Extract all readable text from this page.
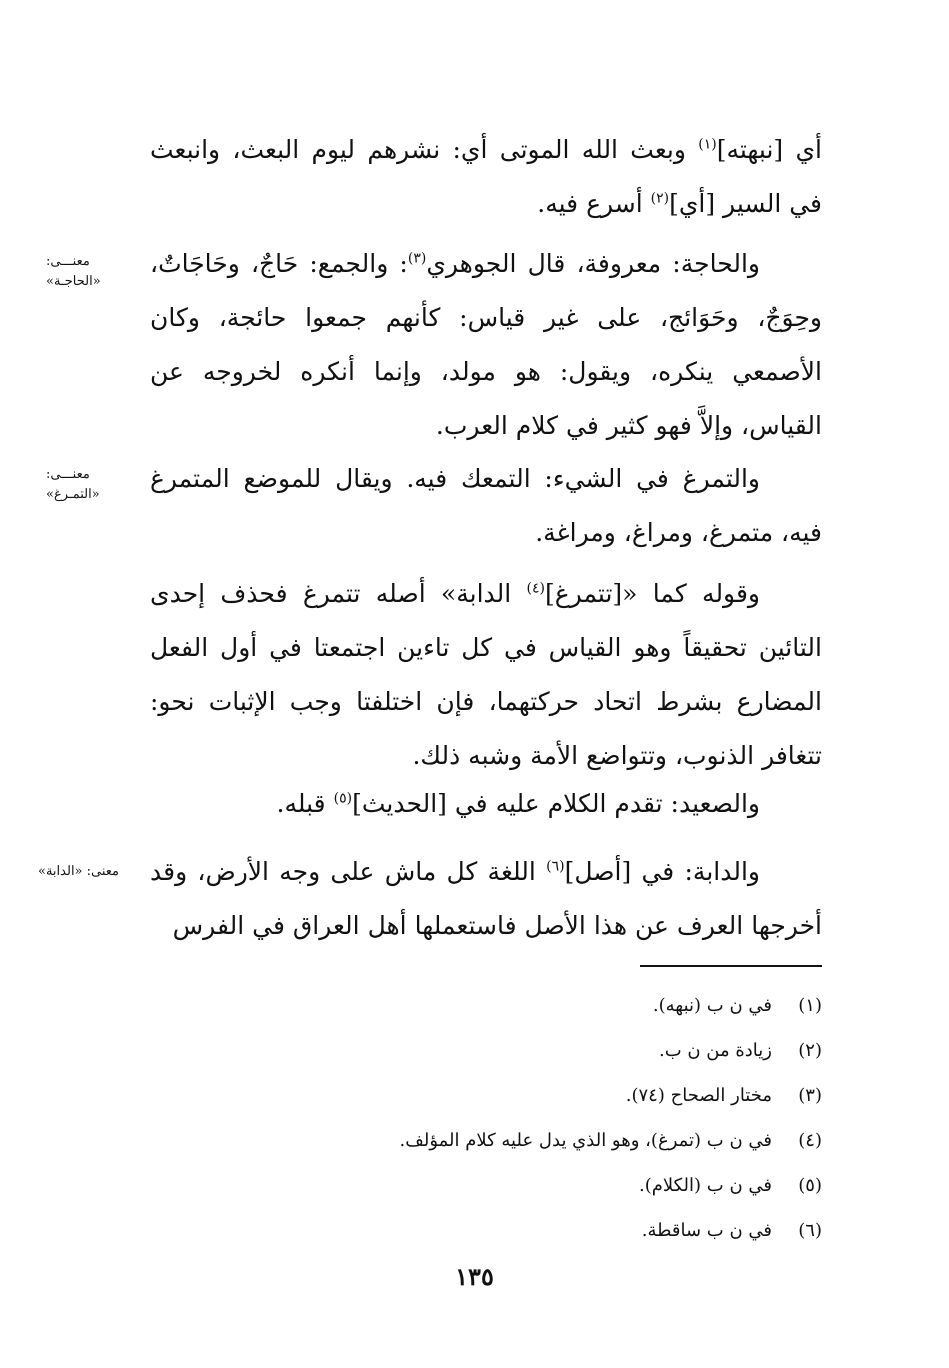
أي [نبهته]$^{(١)}$ وبعث الله الموتى أي: نشرهم ليوم البعث، وانبعث في السير [أي]$^{(٢)}$ أسرع فيه.

والحاجة: معروفة، قال الجوهري$^{(٣)}$: والجمع: حَاجٌ، وحَاجَاتٌ، وحِوَجٌ، وحَوَائج، على غير قياس: كأنهم جمعوا حائجة، وكان الأصمعي ينكره، ويقول: هو مولد، وإنما أنكره لخروجه عن القياس، وإلاَّ فهو كثير في كلام العرب.

معنـــى:
«الحاجـة»

والتمرغ في الشيء: التمعك فيه. ويقال للموضع المتمرغ فيه، متمرغ، ومراغ، ومراغة.

معنـــى:
«التمـرغ»

وقوله كما «[تتمرغ]$^{(٤)}$ الدابة» أصله تتمرغ فحذف إحدى التائين تحقيقاً وهو القياس في كل تاءين اجتمعتا في أول الفعل المضارع بشرط اتحاد حركتهما، فإن اختلفتا وجب الإثبات نحو: تتغافر الذنوب، وتتواضع الأمة وشبه ذلك.

والصعيد: تقدم الكلام عليه في [الحديث]$^{(٥)}$ قبله.

والدابة: في [أصل]$^{(٦)}$ اللغة كل ماش على وجه الأرض، وقد أخرجها العرف عن هذا الأصل فاستعملها أهل العراق في الفرس

معنى: «الدابة»
(١)
في ن ب (نبهه).
(٢)
زيادة من ن ب.
(٣)
مختار الصحاح (٧٤).
(٤)
في ن ب (تمرغ)، وهو الذي يدل عليه كلام المؤلف.
(٥)
في ن ب (الكلام).
(٦)
في ن ب ساقطة.
١٣٥
